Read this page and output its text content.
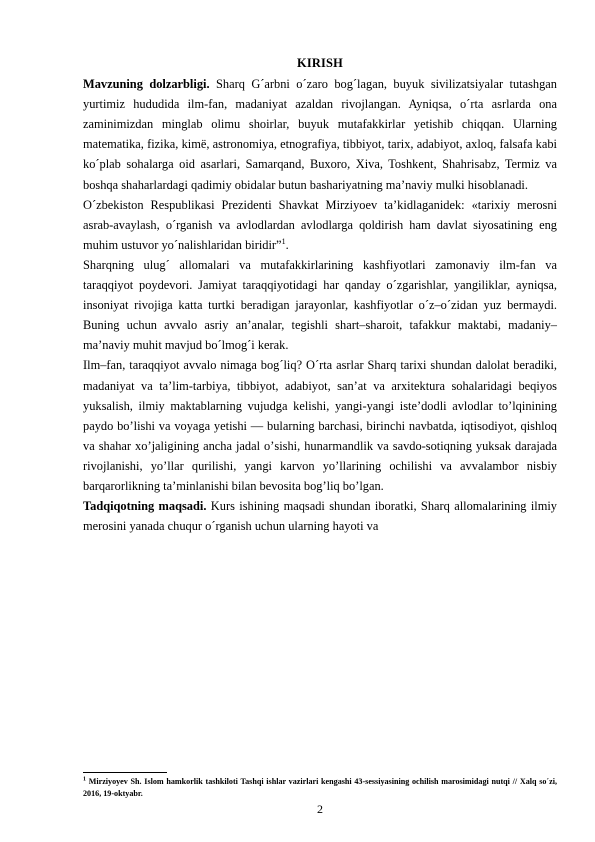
KIRISH

Mavzuning dolzarbligi. Sharq G´arbni o´zaro bog´lagan, buyuk sivilizatsiyalar tutashgan yurtimiz hududida ilm-fan, madaniyat azaldan rivojlangan. Ayniqsa, o´rta asrlarda ona zaminimizdan minglab olimu shoirlar, buyuk mutafakkirlar yetishib chiqqan. Ularning matematika, fizika, kimё, astronomiya, etnografiya, tibbiyot, tarix, adabiyot, axloq, falsafa kabi ko´plab sohalarga oid asarlari, Samarqand, Buxoro, Xiva, Toshkent, Shahrisabz, Termiz va boshqa shaharlardagi qadimiy obidalar butun bashariyatning maʼnaviy mulki hisoblanadi.

O´zbekiston Respublikasi Prezidenti Shavkat Mirziyoev taʼkidlaganidek: «tarixiy merosni asrab-avaylash, o´rganish va avlodlardan avlodlarga qoldirish ham davlat siyosatining eng muhim ustuvor yo´nalishlaridan biridir”$^1$.

Sharqning ulug´ allomalari va mutafakkirlarining kashfiyotlari zamonaviy ilm-fan va taraqqiyot poydevori. Jamiyat taraqqiyotidagi har qanday o´zgarishlar, yangiliklar, ayniqsa, insoniyat rivojiga katta turtki beradigan jarayonlar, kashfiyotlar o´z–o´zidan yuz bermaydi. Buning uchun avvalo asriy anʼanalar, tegishli shart–sharoit, tafakkur maktabi, madaniy–maʼnaviy muhit mavjud bo´lmog´i kerak.

Ilm–fan, taraqqiyot avvalo nimaga bog´liq? O´rta asrlar Sharq tarixi shundan dalolat beradiki, madaniyat va taʼlim-tarbiya, tibbiyot, adabiyot, sanʼat va arxitektura sohalaridagi beqiyos yuksalish, ilmiy maktablarning vujudga kelishi, yangi-yangi isteʼdodli avlodlar toʼlqinining paydo boʼlishi va voyaga yetishi — bularning barchasi, birinchi navbatda, iqtisodiyot, qishloq va shahar xoʼjaligining ancha jadal oʼsishi, hunarmandlik va savdo-sotiqning yuksak darajada rivojlanishi, yoʼllar qurilishi, yangi karvon yoʼllarining ochilishi va avvalambor nisbiy barqarorlikning taʼminlanishi bilan bevosita bogʼliq boʼlgan.

Tadqiqotning maqsadi. Kurs ishining maqsadi shundan iboratki, Sharq allomalarining ilmiy merosini yanada chuqur o´rganish uchun ularning hayoti va

$^1$ Mirziyoyev Sh. Islom hamkorlik tashkiloti Tashqi ishlar vazirlari kengashi 43-sessiyasining ochilish marosimidagi nutqi // Xalq so´zi, 2016, 19-oktyabr.
2
